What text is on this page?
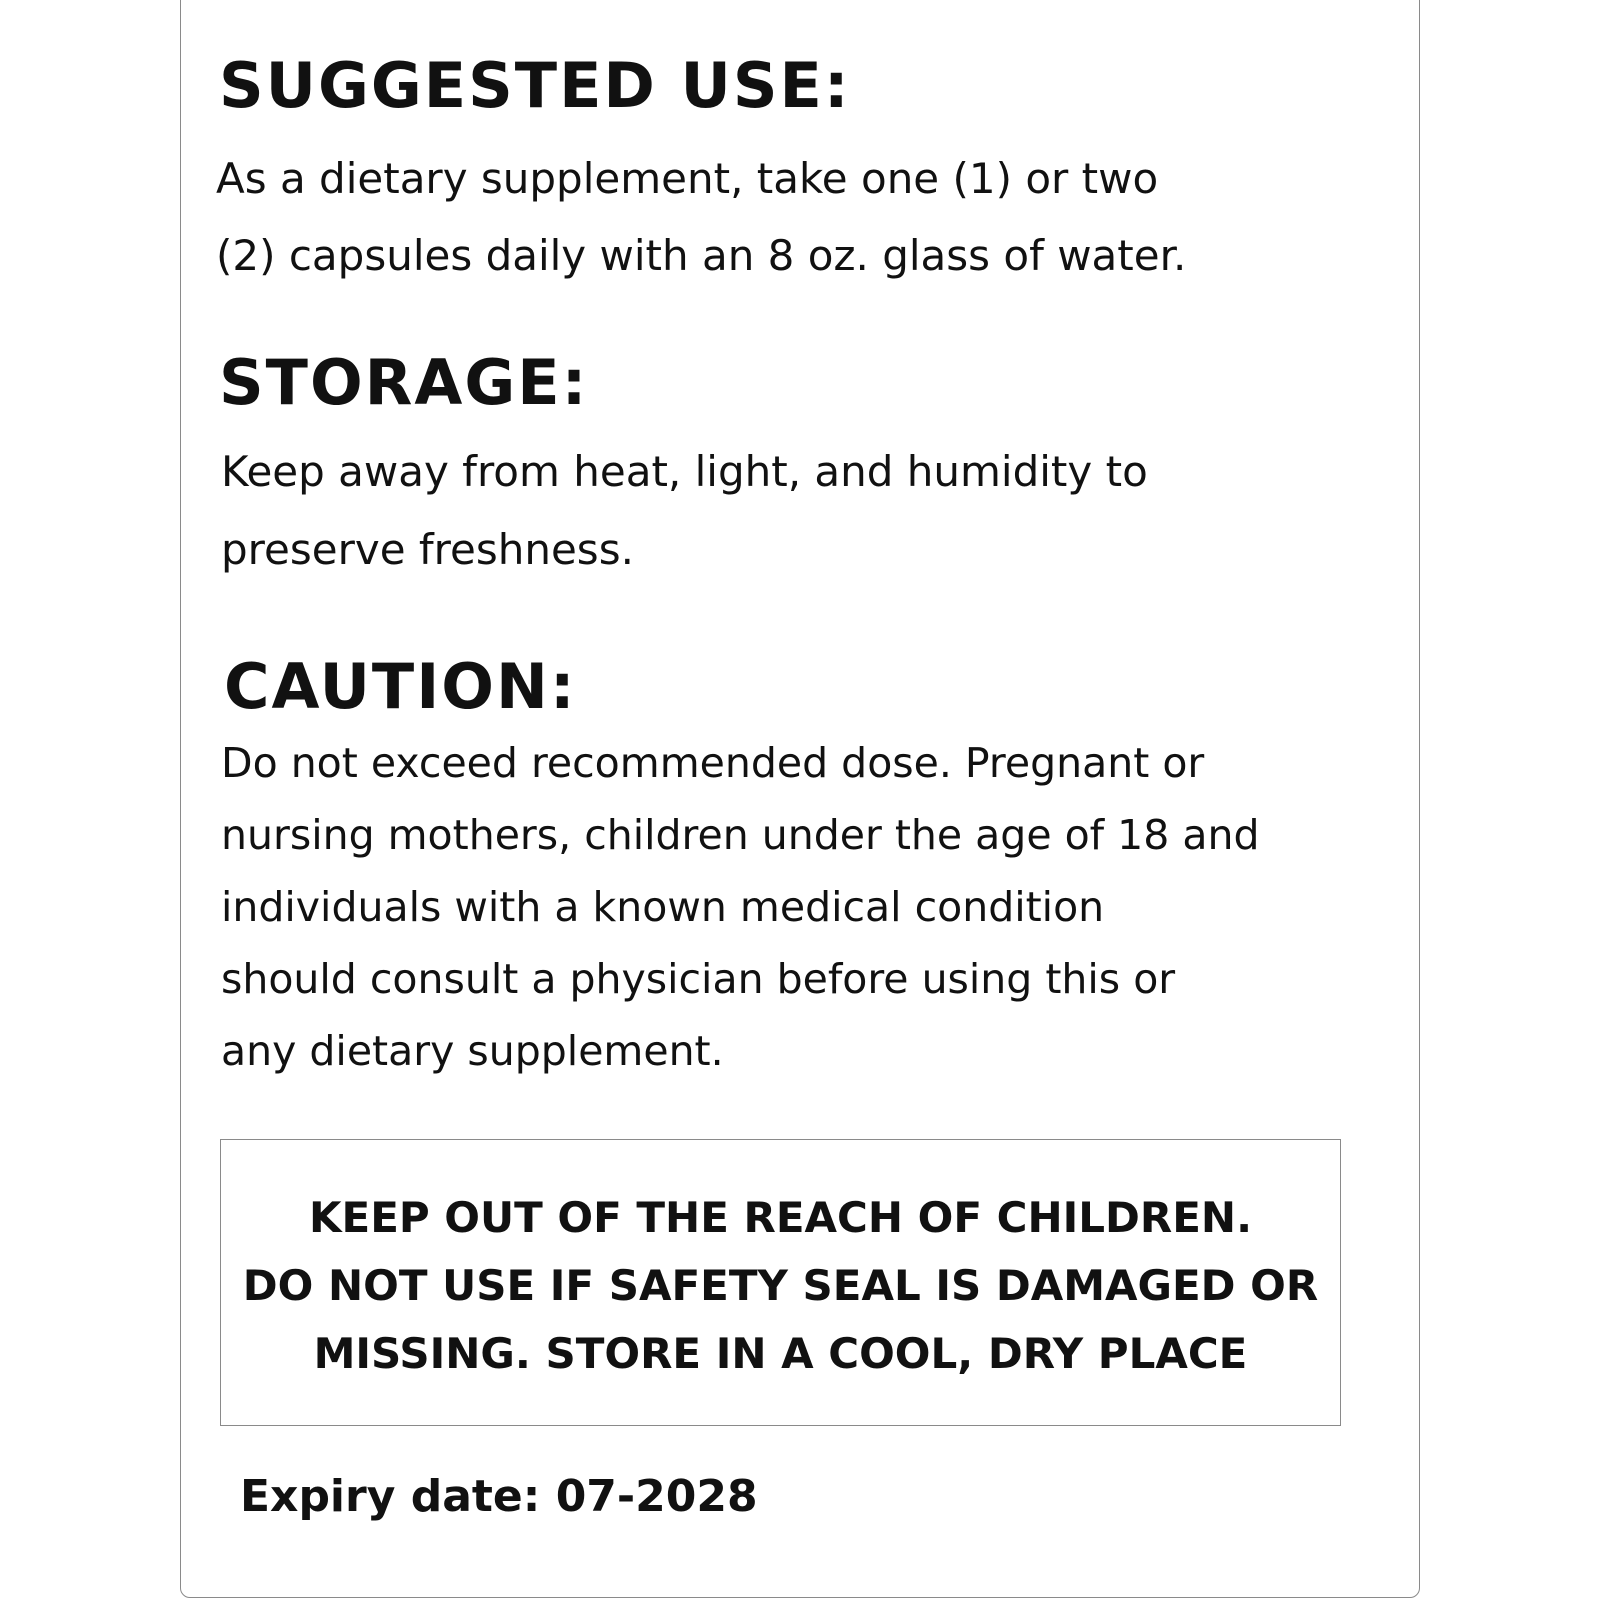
SUGGESTED USE:

As a dietary supplement, take one (1) or two
(2) capsules daily with an 8 oz. glass of water.

STORAGE:

Keep away from heat, light, and humidity to
preserve freshness.

CAUTION:

Do not exceed recommended dose. Pregnant or
nursing mothers, children under the age of 18 and
individuals with a known medical condition
should consult a physician before using this or
any dietary supplement.

KEEP OUT OF THE REACH OF CHILDREN.
DO NOT USE IF SAFETY SEAL IS DAMAGED OR
MISSING. STORE IN A COOL, DRY PLACE

Expiry date: 07-2028
